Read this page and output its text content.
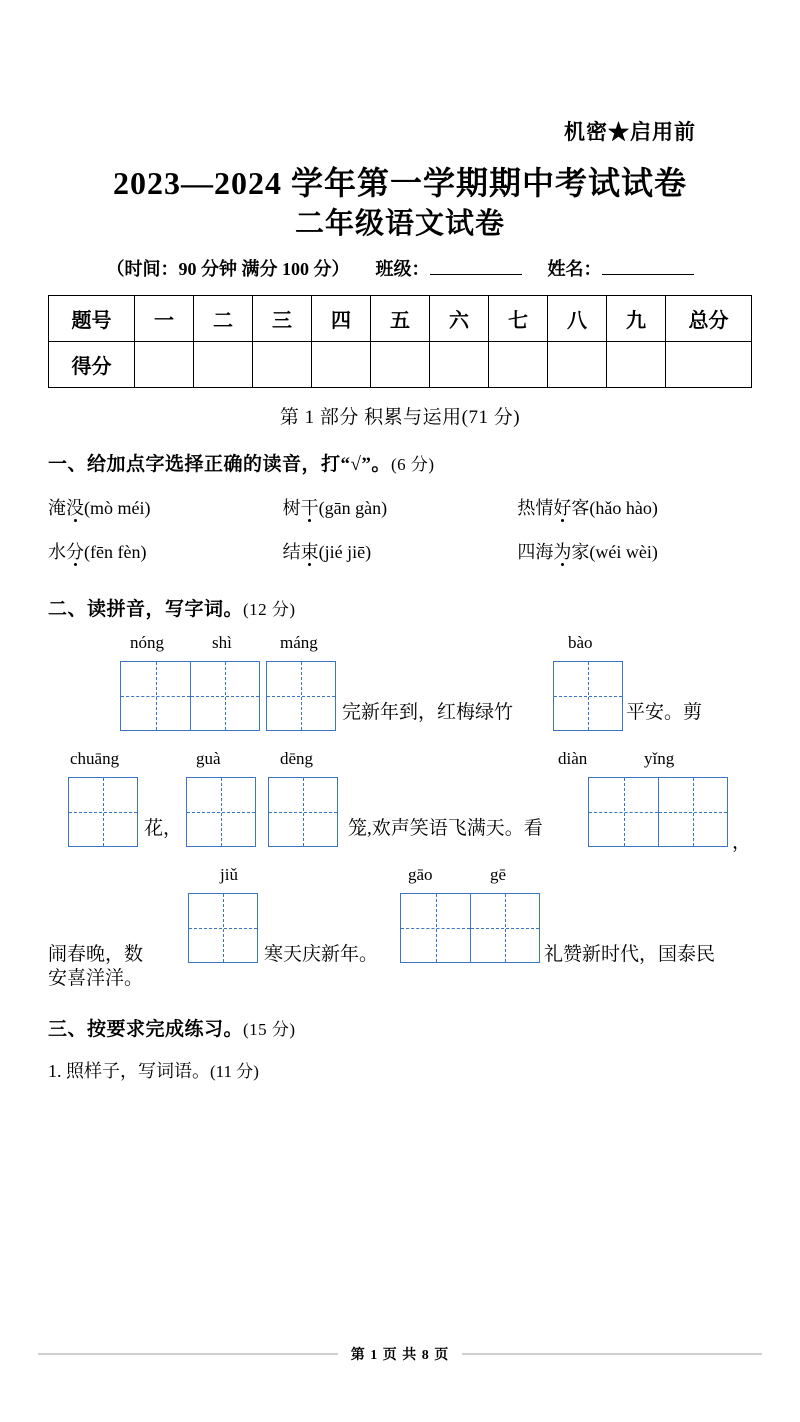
机密★启用前
2023—2024 学年第一学期期中考试试卷
二年级语文试卷
（时间：90 分钟 满分 100 分） 班级：	姓名：
题号	一	二	三	四	五	六	七	八	九	总分
得分										
第 1 部分 积累与运用(71 分)
一、给加点字选择正确的读音，打“√”。(6 分)
淹没(mò méi)	树干(gān gàn)	热情好客(hǎo hào)
水分(fēn fèn)	结束(jié jiē)	四海为家(wéi wèi)
二、读拼音，写字词。(12 分)
nóng	shì	máng	bào
完新年到，红梅绿竹	平安。剪
chuāng	guà	dēng	diàn	yǐng
花，	笼,欢声笑语飞满天。看
，
jiǔ	gāo	gē
闹春晚，数	寒天庆新年。	礼赞新时代，国泰民
安喜洋洋。
三、按要求完成练习。(15 分)
1. 照样子，写词语。(11 分)
第 1 页 共 8 页
